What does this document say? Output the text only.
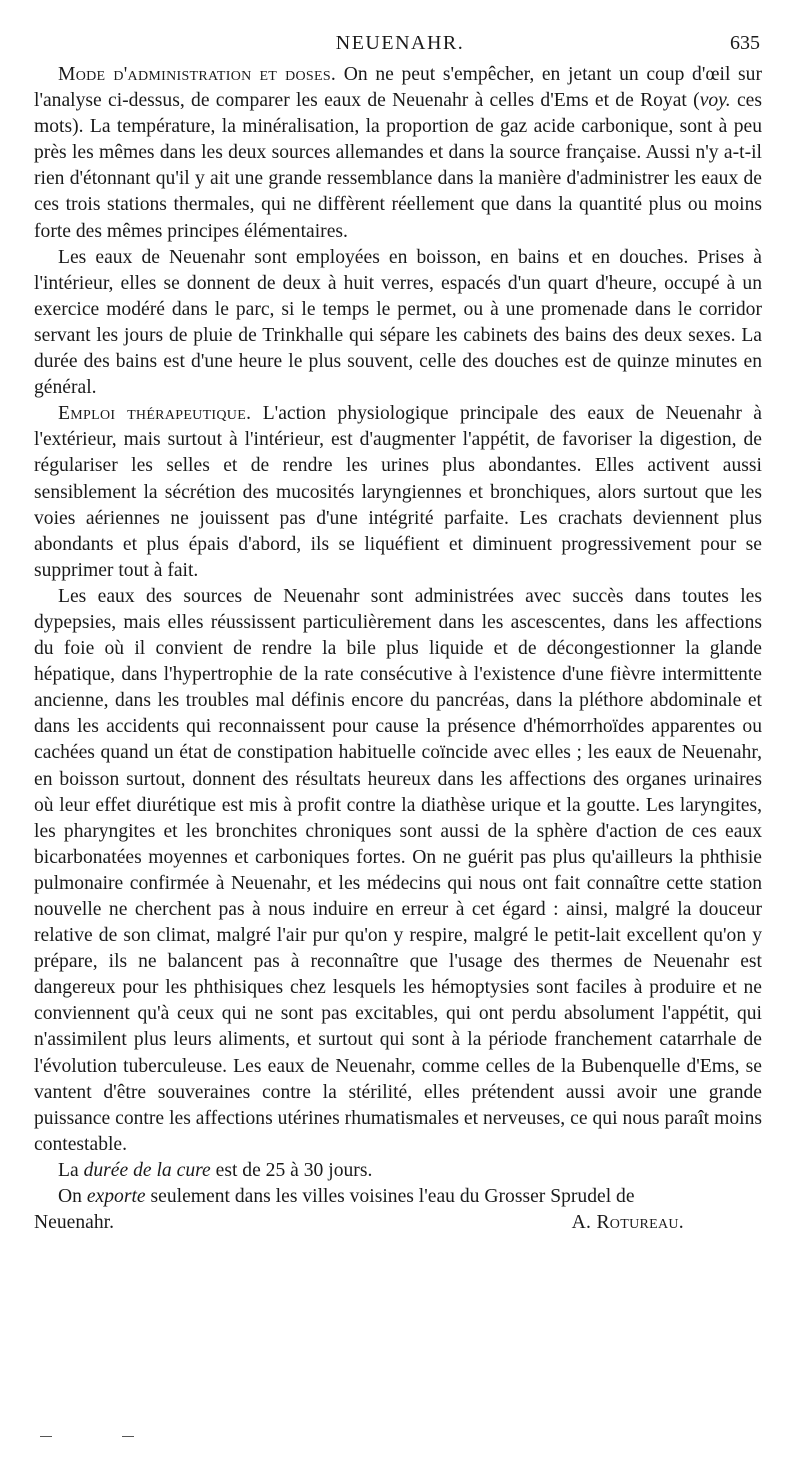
NEUENAHR.	635

Mode d'administration et doses. On ne peut s'empêcher, en jetant un coup d'œil sur l'analyse ci-dessus, de comparer les eaux de Neuenahr à celles d'Ems et de Royat (voy. ces mots). La température, la minéralisation, la proportion de gaz acide carbonique, sont à peu près les mêmes dans les deux sources allemandes et dans la source française. Aussi n'y a-t-il rien d'étonnant qu'il y ait une grande ressemblance dans la manière d'administrer les eaux de ces trois stations thermales, qui ne diffèrent réellement que dans la quantité plus ou moins forte des mêmes principes élémentaires.

Les eaux de Neuenahr sont employées en boisson, en bains et en douches. Prises à l'intérieur, elles se donnent de deux à huit verres, espacés d'un quart d'heure, occupé à un exercice modéré dans le parc, si le temps le permet, ou à une promenade dans le corridor servant les jours de pluie de Trinkhalle qui sépare les cabinets des bains des deux sexes. La durée des bains est d'une heure le plus souvent, celle des douches est de quinze minutes en général.

Emploi thérapeutique. L'action physiologique principale des eaux de Neuenahr à l'extérieur, mais surtout à l'intérieur, est d'augmenter l'appétit, de favoriser la digestion, de régulariser les selles et de rendre les urines plus abondantes. Elles activent aussi sensiblement la sécrétion des mucosités laryngiennes et bronchiques, alors surtout que les voies aériennes ne jouissent pas d'une intégrité parfaite. Les crachats deviennent plus abondants et plus épais d'abord, ils se liquéfient et diminuent progressivement pour se supprimer tout à fait.

Les eaux des sources de Neuenahr sont administrées avec succès dans toutes les dypepsies, mais elles réussissent particulièrement dans les ascescentes, dans les affections du foie où il convient de rendre la bile plus liquide et de décongestionner la glande hépatique, dans l'hypertrophie de la rate consécutive à l'existence d'une fièvre intermittente ancienne, dans les troubles mal définis encore du pancréas, dans la pléthore abdominale et dans les accidents qui reconnaissent pour cause la présence d'hémorrhoïdes apparentes ou cachées quand un état de constipation habituelle coïncide avec elles ; les eaux de Neuenahr, en boisson surtout, donnent des résultats heureux dans les affections des organes urinaires où leur effet diurétique est mis à profit contre la diathèse urique et la goutte. Les laryngites, les pharyngites et les bronchites chroniques sont aussi de la sphère d'action de ces eaux bicarbonatées moyennes et carboniques fortes. On ne guérit pas plus qu'ailleurs la phthisie pulmonaire confirmée à Neuenahr, et les médecins qui nous ont fait connaître cette station nouvelle ne cherchent pas à nous induire en erreur à cet égard : ainsi, malgré la douceur relative de son climat, malgré l'air pur qu'on y respire, malgré le petit-lait excellent qu'on y prépare, ils ne balancent pas à reconnaître que l'usage des thermes de Neuenahr est dangereux pour les phthisiques chez lesquels les hémoptysies sont faciles à produire et ne conviennent qu'à ceux qui ne sont pas excitables, qui ont perdu absolument l'appétit, qui n'assimilent plus leurs aliments, et surtout qui sont à la période franchement catarrhale de l'évolution tuberculeuse. Les eaux de Neuenahr, comme celles de la Bubenquelle d'Ems, se vantent d'être souveraines contre la stérilité, elles prétendent aussi avoir une grande puissance contre les affections utérines rhumatismales et nerveuses, ce qui nous paraît moins contestable.

La durée de la cure est de 25 à 30 jours.

On exporte seulement dans les villes voisines l'eau du Grosser Sprudel de

Neuenahr.	A. Rotureau.
